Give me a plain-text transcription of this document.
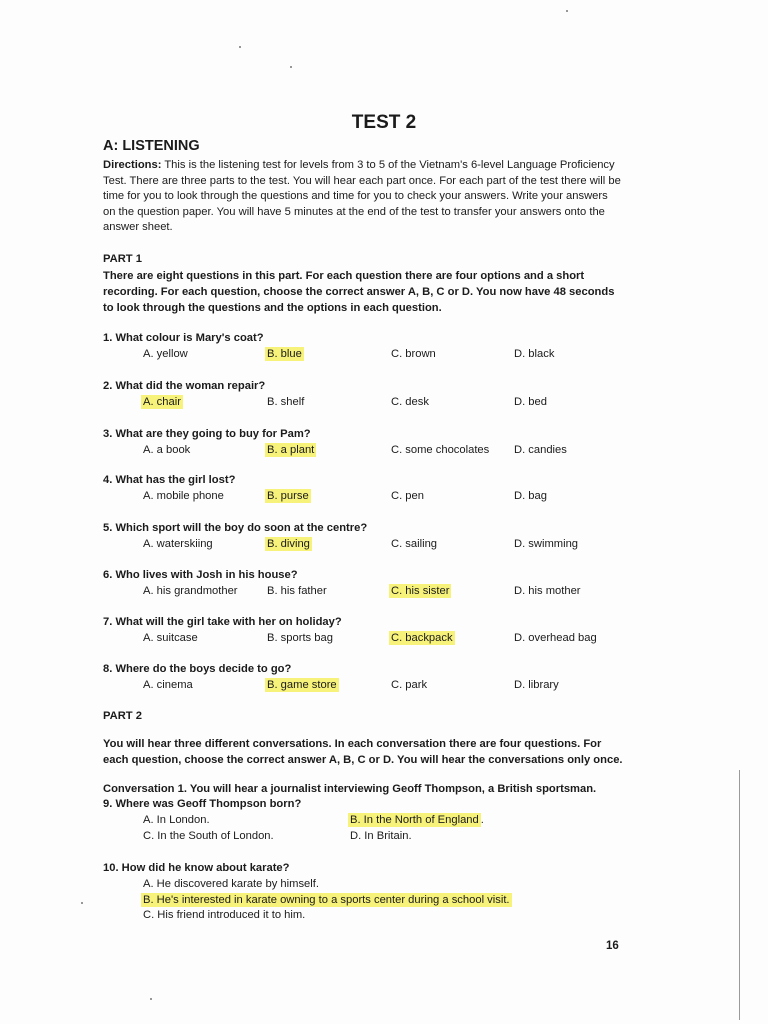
TEST 2
A: LISTENING
Directions: This is the listening test for levels from 3 to 5 of the Vietnam's 6-level Language Proficiency Test. There are three parts to the test. You will hear each part once. For each part of the test there will be time for you to look through the questions and time for you to check your answers. Write your answers on the question paper. You will have 5 minutes at the end of the test to transfer your answers onto the answer sheet.
PART 1
There are eight questions in this part. For each question there are four options and a short recording. For each question, choose the correct answer A, B, C or D. You now have 48 seconds to look through the questions and the options in each question.
1. What colour is Mary's coat?
A. yellow	B. blue	C. brown	D. black
2. What did the woman repair?
A. chair	B. shelf	C. desk	D. bed
3. What are they going to buy for Pam?
A. a book	B. a plant	C. some chocolates D. candies
4. What has the girl lost?
A. mobile phone	B. purse	C. pen	D. bag
5. Which sport will the boy do soon at the centre?
A. waterskiing	B. diving	C. sailing	D. swimming
6. Who lives with Josh in his house?
A. his grandmother	B. his father	C. his sister	D. his mother
7. What will the girl take with her on holiday?
A. suitcase	B. sports bag	C. backpack	D. overhead bag
8. Where do the boys decide to go?
A. cinema	B. game store	C. park	D. library
PART 2
You will hear three different conversations. In each conversation there are four questions. For each question, choose the correct answer A, B, C or D. You will hear the conversations only once.
Conversation 1. You will hear a journalist interviewing Geoff Thompson, a British sportsman.
9. Where was Geoff Thompson born?
A. In London.	B. In the North of England .
C. In the South of London.	D. In Britain.
10. How did he know about karate?
A. He discovered karate by himself.
B. He's interested in karate owning to a sports center during a school visit.
C. His friend introduced it to him.
16
